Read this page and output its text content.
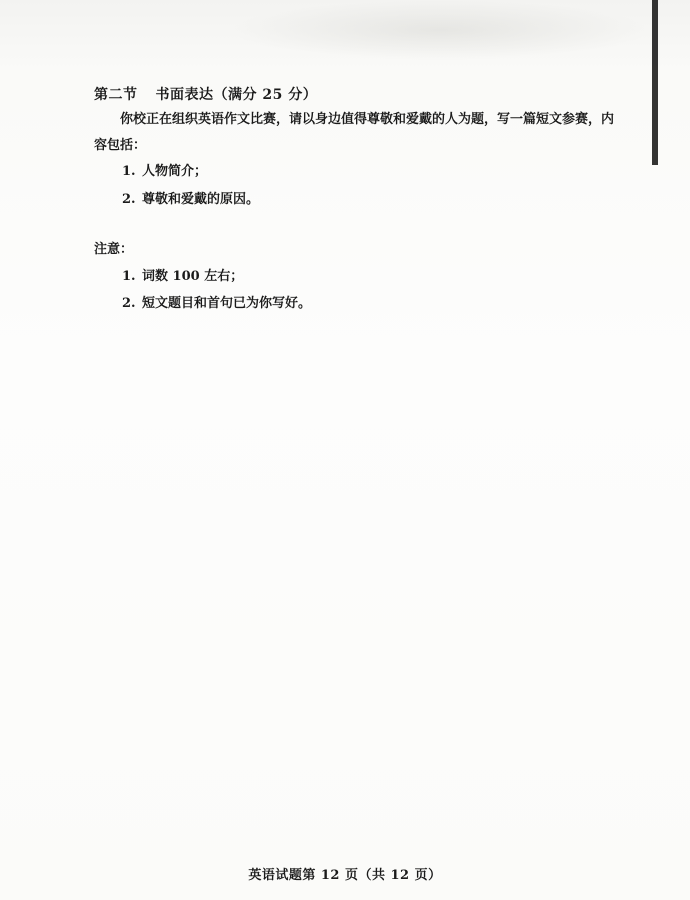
第二节 书面表达（满分 25 分）
你校正在组织英语作文比赛，请以身边值得尊敬和爱戴的人为题，写一篇短文参赛，内容包括：
1. 人物简介；
2. 尊敬和爱戴的原因。
注意：
1. 词数 100 左右；
2. 短文题目和首句已为你写好。
英语试题第 12 页（共 12 页）
